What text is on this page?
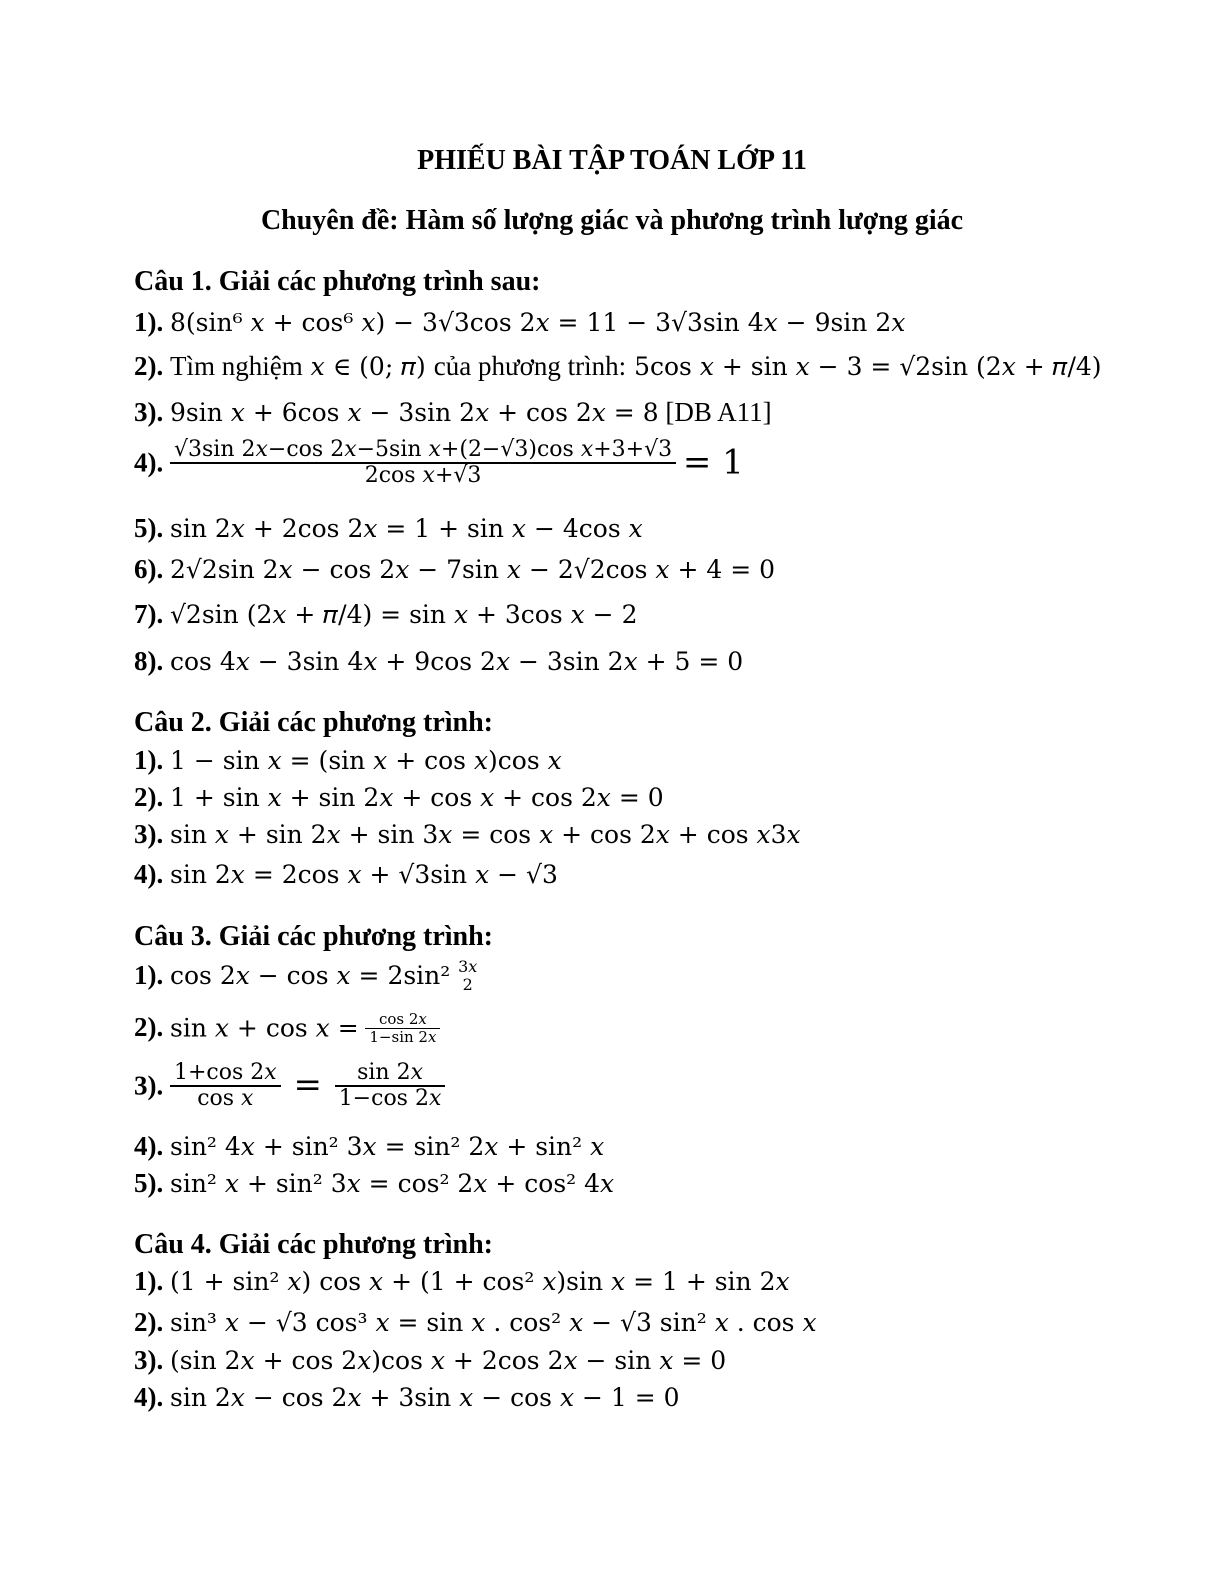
PHIẾU BÀI TẬP TOÁN LỚP 11
Chuyên đề: Hàm số lượng giác và phương trình lượng giác
Câu 1. Giải các phương trình sau:
1). 8(sin⁶ 𝑥 + cos⁶ 𝑥) − 3√3cos 2𝑥 = 11 − 3√3sin 4𝑥 − 9sin 2𝑥
2). Tìm nghiệm 𝑥 ∈ (0; 𝜋) của phương trình: 5cos 𝑥 + sin 𝑥 − 3 = √2sin (2𝑥 + 𝜋/4)
3). 9sin 𝑥 + 6cos 𝑥 − 3sin 2𝑥 + cos 2𝑥 = 8 [DB A11]
4). $\frac{\text{√3sin 2𝑥−cos 2𝑥−5sin 𝑥+(2−√3)cos 𝑥+3+√3}}{\text{2cos 𝑥+√3}} = 1$
5). sin 2𝑥 + 2cos 2𝑥 = 1 + sin 𝑥 − 4cos 𝑥
6). 2√2sin 2𝑥 − cos 2𝑥 − 7sin 𝑥 − 2√2cos 𝑥 + 4 = 0
7). √2sin (2𝑥 + 𝜋/4) = sin 𝑥 + 3cos 𝑥 − 2
8). cos 4𝑥 − 3sin 4𝑥 + 9cos 2𝑥 − 3sin 2𝑥 + 5 = 0
Câu 2. Giải các phương trình:
1). 1 − sin 𝑥 = (sin 𝑥 + cos 𝑥)cos 𝑥
2). 1 + sin 𝑥 + sin 2𝑥 + cos 𝑥 + cos 2𝑥 = 0
3). sin 𝑥 + sin 2𝑥 + sin 3𝑥 = cos 𝑥 + cos 2𝑥 + cos 𝑥3𝑥
4). sin 2𝑥 = 2cos 𝑥 + √3sin 𝑥 − √3
Câu 3. Giải các phương trình:
1). cos 2𝑥 − cos 𝑥 = 2sin² 3𝑥
2
2). sin 𝑥 + cos 𝑥 = $\frac{\text{cos 2𝑥}}{\text{1−sin 2𝑥}}$
3). $\frac{\text{1+cos 2𝑥}}{\text{cos 𝑥}} = \frac{\text{sin 2𝑥}}{\text{1−cos 2𝑥}}$
4). sin² 4𝑥 + sin² 3𝑥 = sin² 2𝑥 + sin² 𝑥
5). sin² 𝑥 + sin² 3𝑥 = cos² 2𝑥 + cos² 4𝑥
Câu 4. Giải các phương trình:
1). (1 + sin² 𝑥) cos 𝑥 + (1 + cos² 𝑥)sin 𝑥 = 1 + sin 2𝑥
2). sin³ 𝑥 − √3 cos³ 𝑥 = sin 𝑥 . cos² 𝑥 − √3 sin² 𝑥 . cos 𝑥
3). (sin 2𝑥 + cos 2𝑥)cos 𝑥 + 2cos 2𝑥 − sin 𝑥 = 0
4). sin 2𝑥 − cos 2𝑥 + 3sin 𝑥 − cos 𝑥 − 1 = 0
